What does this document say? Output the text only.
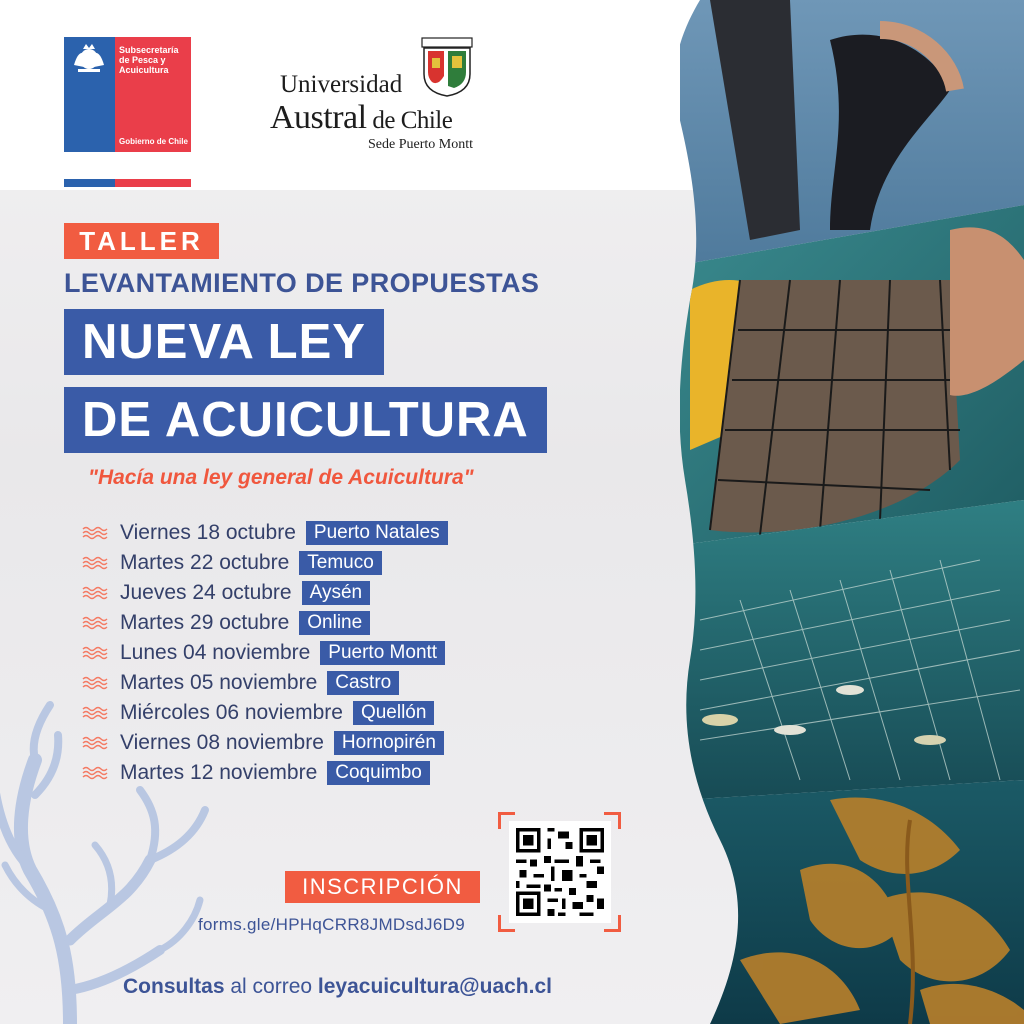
Subsecretaría de Pesca y Acuicultura
Gobierno de Chile
Universidad
Austral de Chile
Sede Puerto Montt
TALLER
LEVANTAMIENTO DE PROPUESTAS
NUEVA LEY
DE ACUICULTURA
"Hacía una ley general de Acuicultura"
Viernes 18 octubre Puerto Natales
Martes 22 octubre Temuco
Jueves 24 octubre Aysén
Martes 29 octubre Online
Lunes 04 noviembre Puerto Montt
Martes 05 noviembre Castro
Miércoles 06 noviembre Quellón
Viernes 08 noviembre Hornopirén
Martes 12 noviembre Coquimbo
INSCRIPCIÓN
forms.gle/HPHqCRR8JMDsdJ6D9
Consultas al correo leyacuicultura@uach.cl
